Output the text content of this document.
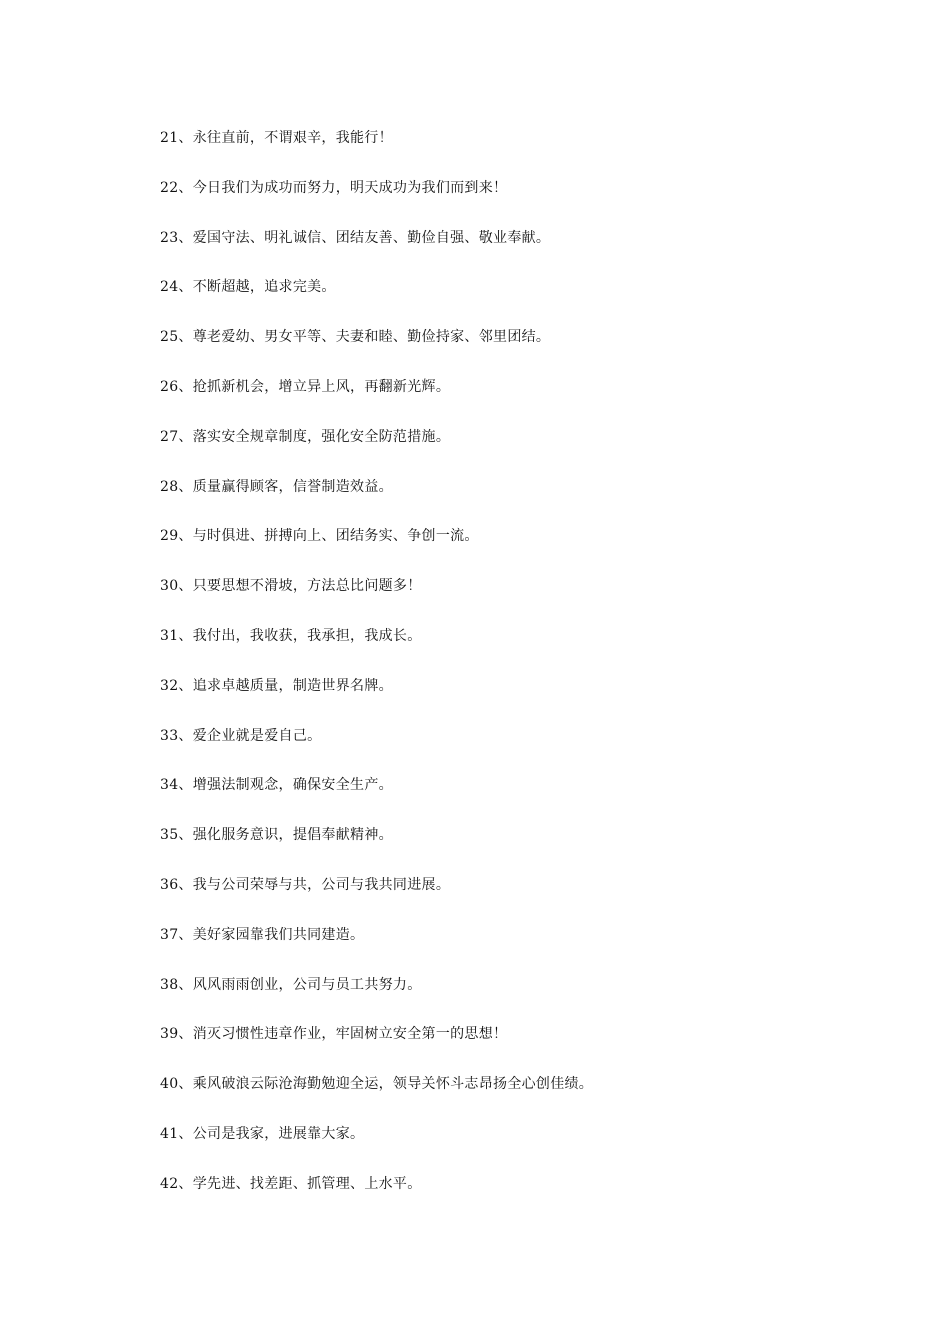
21、永往直前，不谓艰辛，我能行！
22、今日我们为成功而努力，明天成功为我们而到来！
23、爱国守法、明礼诚信、团结友善、勤俭自强、敬业奉献。
24、不断超越，追求完美。
25、尊老爱幼、男女平等、夫妻和睦、勤俭持家、邻里团结。
26、抢抓新机会，增立异上风，再翻新光辉。
27、落实安全规章制度，强化安全防范措施。
28、质量赢得顾客，信誉制造效益。
29、与时俱进、拼搏向上、团结务实、争创一流。
30、只要思想不滑坡，方法总比问题多！
31、我付出，我收获，我承担，我成长。
32、追求卓越质量，制造世界名牌。
33、爱企业就是爱自己。
34、增强法制观念，确保安全生产。
35、强化服务意识，提倡奉献精神。
36、我与公司荣辱与共，公司与我共同进展。
37、美好家园靠我们共同建造。
38、风风雨雨创业，公司与员工共努力。
39、消灭习惯性违章作业，牢固树立安全第一的思想！
40、乘风破浪云际沧海勤勉迎全运，领导关怀斗志昂扬全心创佳绩。
41、公司是我家，进展靠大家。
42、学先进、找差距、抓管理、上水平。
